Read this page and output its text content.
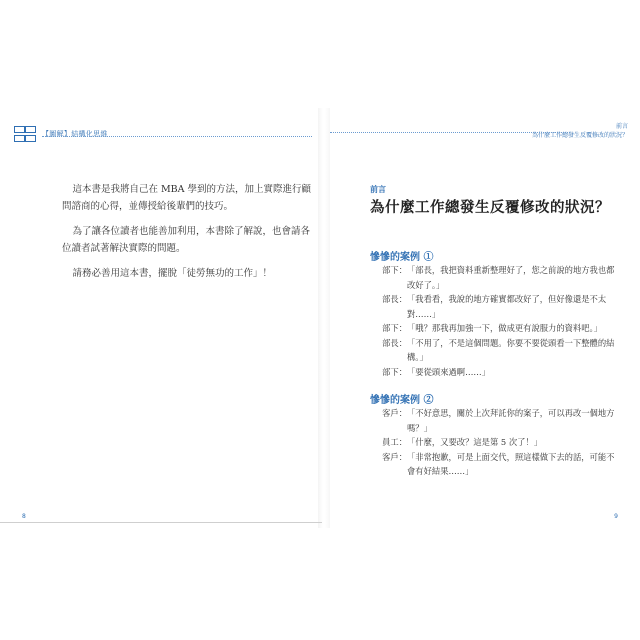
【圖解】結構化思維

這本書是我將自己在 MBA 學到的方法，加上實際進行顧問諮商的心得，並傳授給後輩們的技巧。

為了讓各位讀者也能善加利用，本書除了解說，也會請各位讀者試著解決實際的問題。

請務必善用這本書，擺脫「徒勞無功的工作」！

8
前言
為什麼工作總發生反覆修改的狀況？
前言
為什麼工作總發生反覆修改的狀況？
慘慘的案例 ①
部下： 「部長，我把資料重新整理好了，您之前說的地方我也都改好了。」
部長： 「我看看，我說的地方確實都改好了，但好像還是不太對……」
部下： 「哦？那我再加強一下，做成更有說服力的資料吧。」
部長： 「不用了，不是這個問題。你要不要從頭看一下整體的結構。」
部下： 「要從頭來過啊……」
慘慘的案例 ②
客戶： 「不好意思，關於上次拜託你的案子，可以再改一個地方嗎？」
員工： 「什麼，又要改？這是第 5 次了！」
客戶： 「非常抱歉，可是上面交代，照這樣做下去的話，可能不會有好結果……」
9
